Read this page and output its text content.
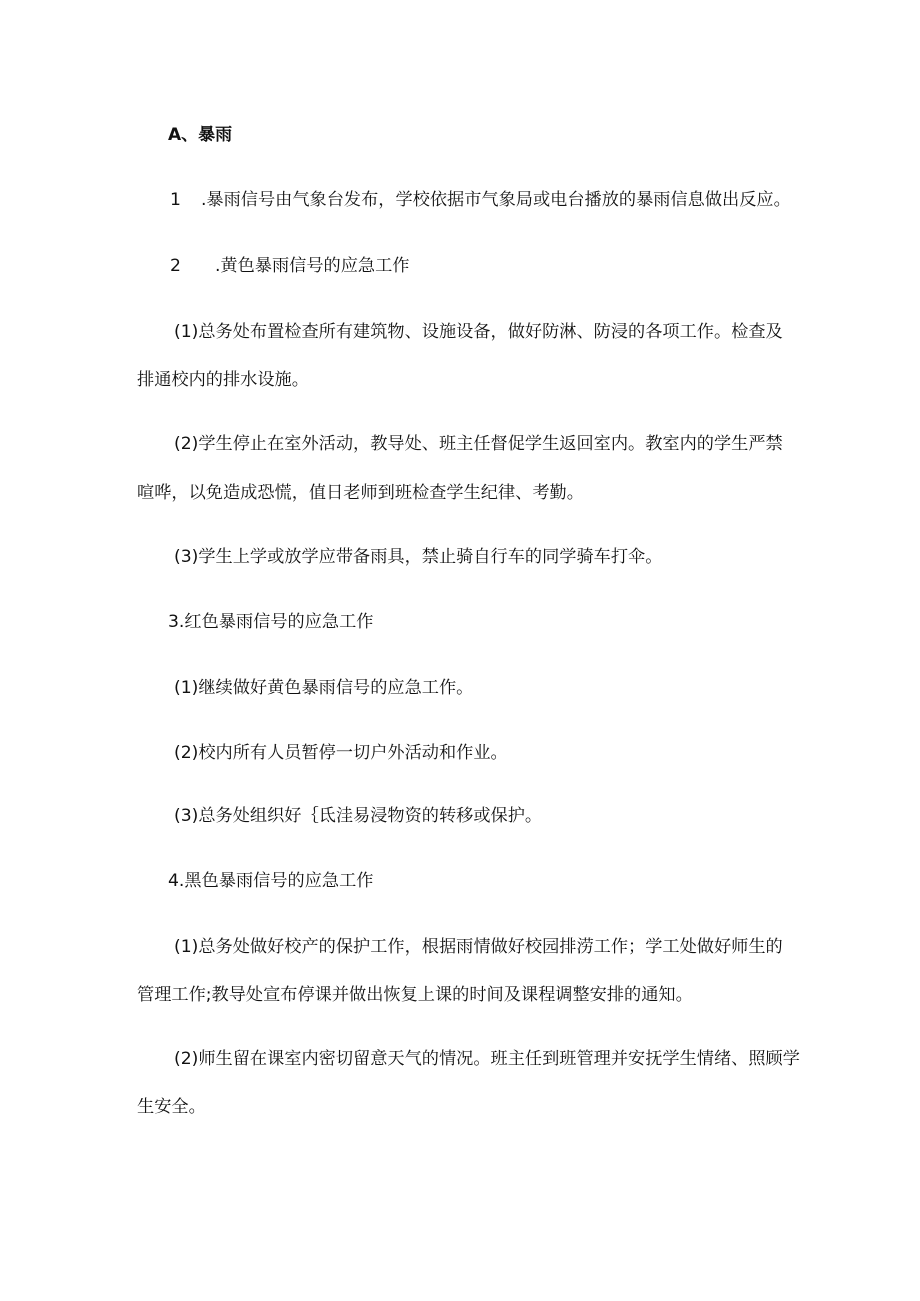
A、暴雨
1 .暴雨信号由气象台发布，学校依据市气象局或电台播放的暴雨信息做出反应。
2 .黄色暴雨信号的应急工作
(1)总务处布置检查所有建筑物、设施设备，做好防淋、防浸的各项工作。检查及
排通校内的排水设施。
(2)学生停止在室外活动，教导处、班主任督促学生返回室内。教室内的学生严禁
喧哗，以免造成恐慌，值日老师到班检查学生纪律、考勤。
(3)学生上学或放学应带备雨具，禁止骑自行车的同学骑车打伞。
3.红色暴雨信号的应急工作
(1)继续做好黄色暴雨信号的应急工作。
(2)校内所有人员暂停一切户外活动和作业。
(3)总务处组织好｛氐洼易浸物资的转移或保护。
4.黑色暴雨信号的应急工作
(1)总务处做好校产的保护工作，根据雨情做好校园排涝工作；学工处做好师生的
管理工作;教导处宣布停课并做出恢复上课的时间及课程调整安排的通知。
(2)师生留在课室内密切留意天气的情况。班主任到班管理并安抚学生情绪、照顾学
生安全。
